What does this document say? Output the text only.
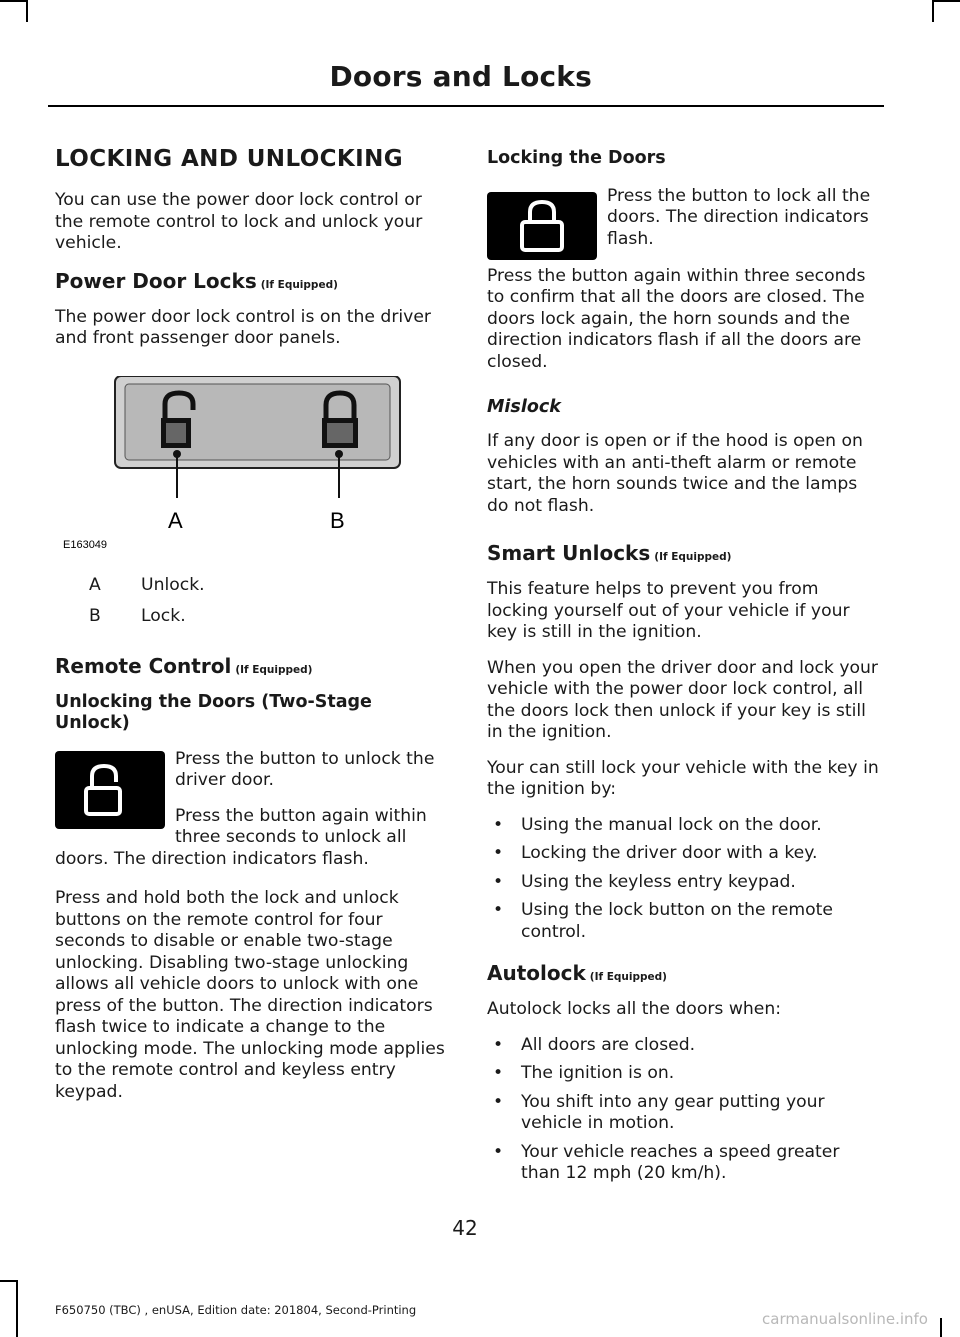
Doors and Locks
LOCKING AND UNLOCKING

You can use the power door lock control or the remote control to lock and unlock your vehicle.

Power Door Locks (If Equipped)

The power door lock control is on the driver and front passenger door panels.

A	B
E163049
A	Unlock.
B	Lock.
Remote Control (If Equipped)
Unlocking the Doors (Two-Stage Unlock)

Press the button to unlock the driver door.

Press the button again within three seconds to unlock all doors. The direction indicators flash.

Press and hold both the lock and unlock buttons on the remote control for four seconds to disable or enable two-stage unlocking. Disabling two-stage unlocking allows all vehicle doors to unlock with one press of the button. The direction indicators flash twice to indicate a change to the unlocking mode. The unlocking mode applies to the remote control and keyless entry keypad.

Locking the Doors

Press the button to lock all the doors. The direction indicators flash.

Press the button again within three seconds to confirm that all the doors are closed. The doors lock again, the horn sounds and the direction indicators flash if all the doors are closed.

Mislock

If any door is open or if the hood is open on vehicles with an anti-theft alarm or remote start, the horn sounds twice and the lamps do not flash.

Smart Unlocks (If Equipped)

This feature helps to prevent you from locking yourself out of your vehicle if your key is still in the ignition.

When you open the driver door and lock your vehicle with the power door lock control, all the doors lock then unlock if your key is still in the ignition.

Your can still lock your vehicle with the key in the ignition by:

• Using the manual lock on the door.
• Locking the driver door with a key.
• Using the keyless entry keypad.
• Using the lock button on the remote control.
Autolock (If Equipped)

Autolock locks all the doors when:

• All doors are closed.
• The ignition is on.
• You shift into any gear putting your vehicle in motion.
• Your vehicle reaches a speed greater than 12 mph (20 km/h).
42
F650750 (TBC) , enUSA, Edition date: 201804, Second-Printing	carmanualsonline.info
